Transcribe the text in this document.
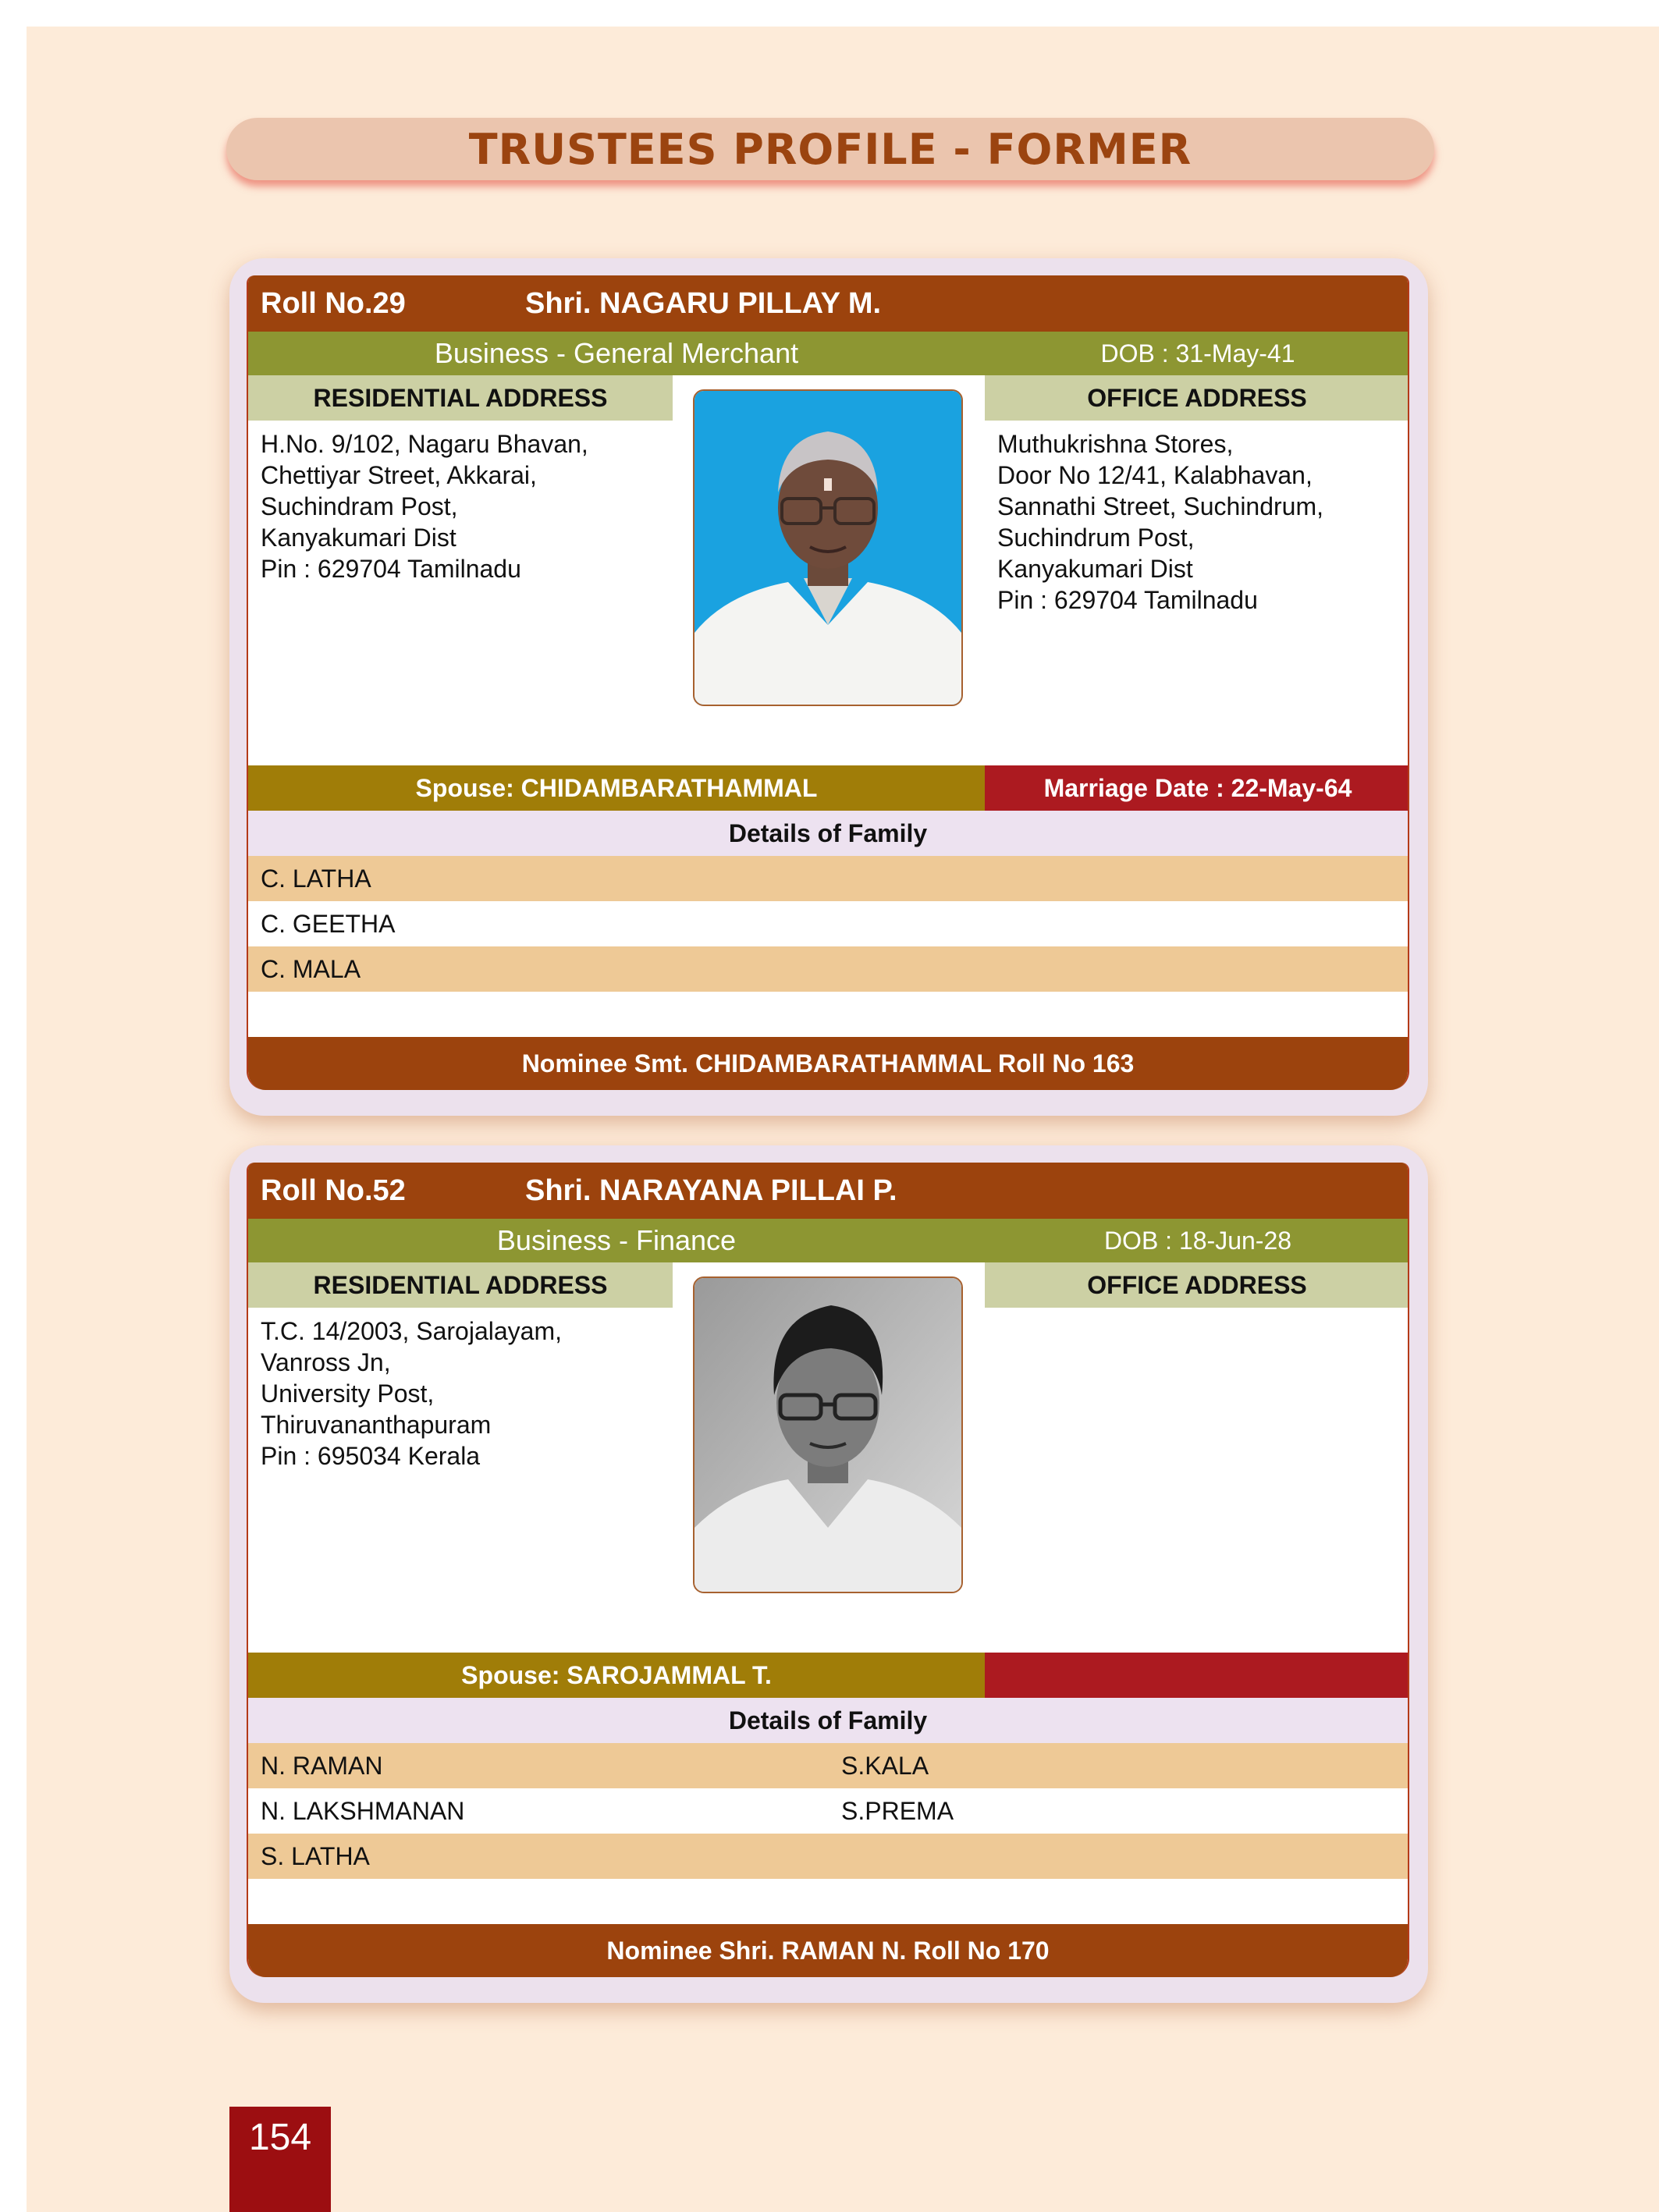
TRUSTEES PROFILE - FORMER
Roll No.29	Shri. NAGARU PILLAY M.
Business - General Merchant	DOB : 31-May-41
RESIDENTIAL ADDRESS
H.No. 9/102, Nagaru Bhavan,
Chettiyar Street, Akkarai,
Suchindram Post,
Kanyakumari Dist
Pin : 629704 Tamilnadu
OFFICE ADDRESS
Muthukrishna Stores,
Door No 12/41, Kalabhavan,
Sannathi Street, Suchindrum,
Suchindrum Post,
Kanyakumari Dist
Pin : 629704 Tamilnadu
Spouse: CHIDAMBARATHAMMAL	Marriage Date : 22-May-64
Details of Family
C. LATHA
C. GEETHA
C. MALA
Nominee Smt. CHIDAMBARATHAMMAL Roll No 163
Roll No.52	Shri. NARAYANA PILLAI P.
Business - Finance	DOB : 18-Jun-28
RESIDENTIAL ADDRESS
T.C. 14/2003, Sarojalayam,
Vanross Jn,
University Post,
Thiruvananthapuram
Pin : 695034 Kerala
OFFICE ADDRESS
Spouse: SAROJAMMAL T.
Details of Family
N. RAMAN	S.KALA
N. LAKSHMANAN	S.PREMA
S. LATHA
Nominee Shri. RAMAN N. Roll No 170
154
